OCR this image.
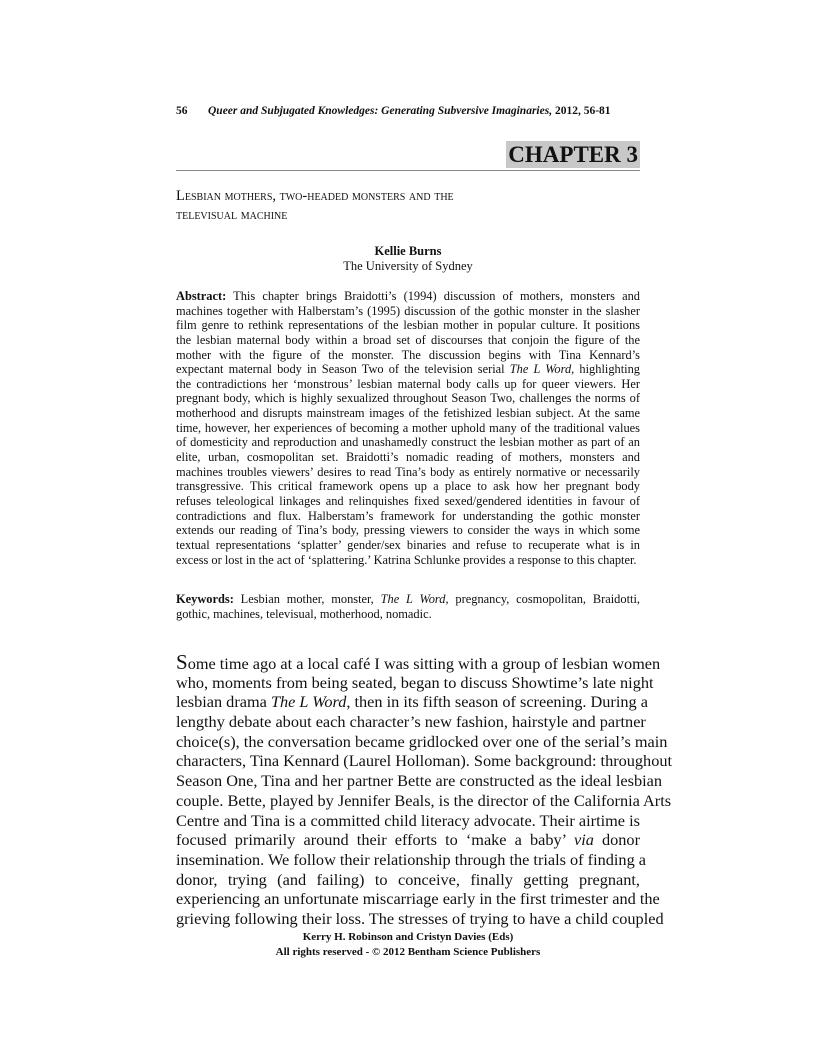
56 Queer and Subjugated Knowledges: Generating Subversive Imaginaries, 2012, 56-81
CHAPTER 3
Lesbian mothers, two-headed monsters and the
televisual machine
Kellie Burns
The University of Sydney
Abstract: This chapter brings Braidotti’s (1994) discussion of mothers, monsters and
machines together with Halberstam’s (1995) discussion of the gothic monster in the slasher
film genre to rethink representations of the lesbian mother in popular culture. It positions
the lesbian maternal body within a broad set of discourses that conjoin the figure of the
mother with the figure of the monster. The discussion begins with Tina Kennard’s
expectant maternal body in Season Two of the television serial The L Word, highlighting
the contradictions her ‘monstrous’ lesbian maternal body calls up for queer viewers. Her
pregnant body, which is highly sexualized throughout Season Two, challenges the norms of
motherhood and disrupts mainstream images of the fetishized lesbian subject. At the same
time, however, her experiences of becoming a mother uphold many of the traditional values
of domesticity and reproduction and unashamedly construct the lesbian mother as part of an
elite, urban, cosmopolitan set. Braidotti’s nomadic reading of mothers, monsters and
machines troubles viewers’ desires to read Tina’s body as entirely normative or necessarily
transgressive. This critical framework opens up a place to ask how her pregnant body
refuses teleological linkages and relinquishes fixed sexed/gendered identities in favour of
contradictions and flux. Halberstam’s framework for understanding the gothic monster
extends our reading of Tina’s body, pressing viewers to consider the ways in which some
textual representations ‘splatter’ gender/sex binaries and refuse to recuperate what is in
excess or lost in the act of ‘splattering.’ Katrina Schlunke provides a response to this chapter.
Keywords: Lesbian mother, monster, The L Word, pregnancy, cosmopolitan, Braidotti,
gothic, machines, televisual, motherhood, nomadic.
Some time ago at a local café I was sitting with a group of lesbian women
who, moments from being seated, began to discuss Showtime’s late night
lesbian drama The L Word, then in its fifth season of screening. During a
lengthy debate about each character’s new fashion, hairstyle and partner
choice(s), the conversation became gridlocked over one of the serial’s main
characters, Tina Kennard (Laurel Holloman). Some background: throughout
Season One, Tina and her partner Bette are constructed as the ideal lesbian
couple. Bette, played by Jennifer Beals, is the director of the California Arts
Centre and Tina is a committed child literacy advocate. Their airtime is
focused primarily around their efforts to ‘make a baby’ via donor
insemination. We follow their relationship through the trials of finding a
donor, trying (and failing) to conceive, finally getting pregnant,
experiencing an unfortunate miscarriage early in the first trimester and the
grieving following their loss. The stresses of trying to have a child coupled
Kerry H. Robinson and Cristyn Davies (Eds)
All rights reserved - © 2012 Bentham Science Publishers
